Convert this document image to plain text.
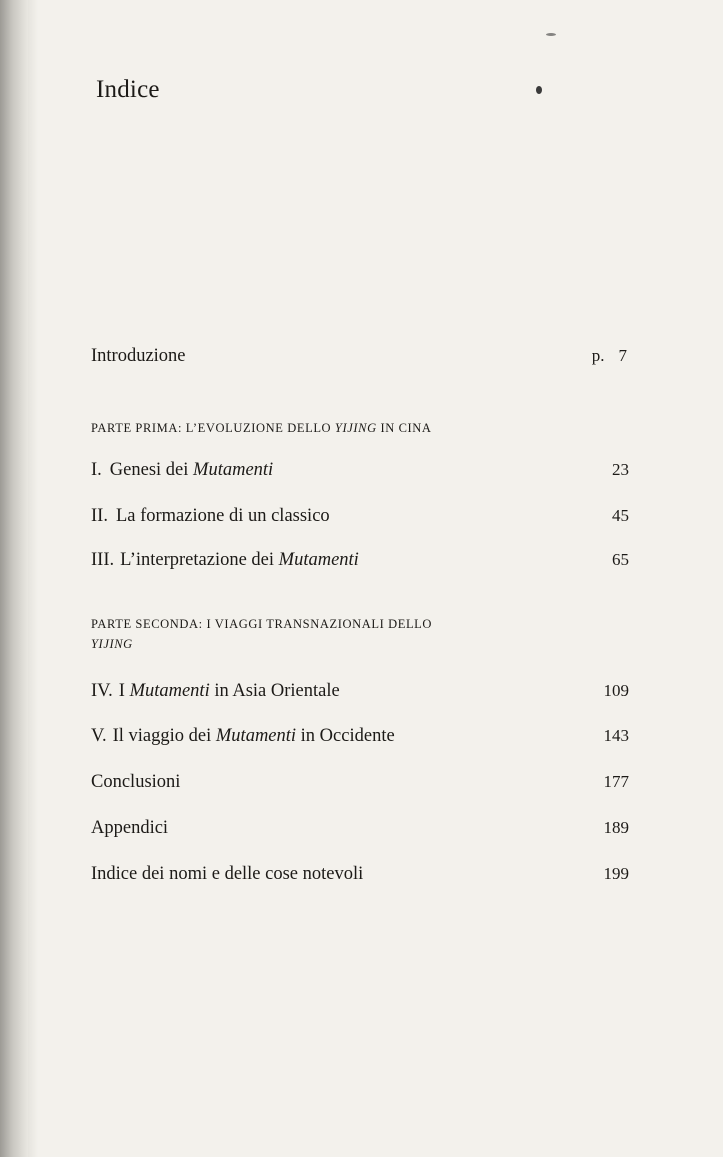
Indice
Introduzione	p. 7
PARTE PRIMA: L’EVOLUZIONE DELLO YIJING IN CINA
I. Genesi dei Mutamenti	23
II. La formazione di un classico	45
III. L’interpretazione dei Mutamenti	65
PARTE SECONDA: I VIAGGI TRANSNAZIONALI DELLO
YIJING
IV. I Mutamenti in Asia Orientale	109
V. Il viaggio dei Mutamenti in Occidente	143
Conclusioni	177
Appendici	189
Indice dei nomi e delle cose notevoli	199
